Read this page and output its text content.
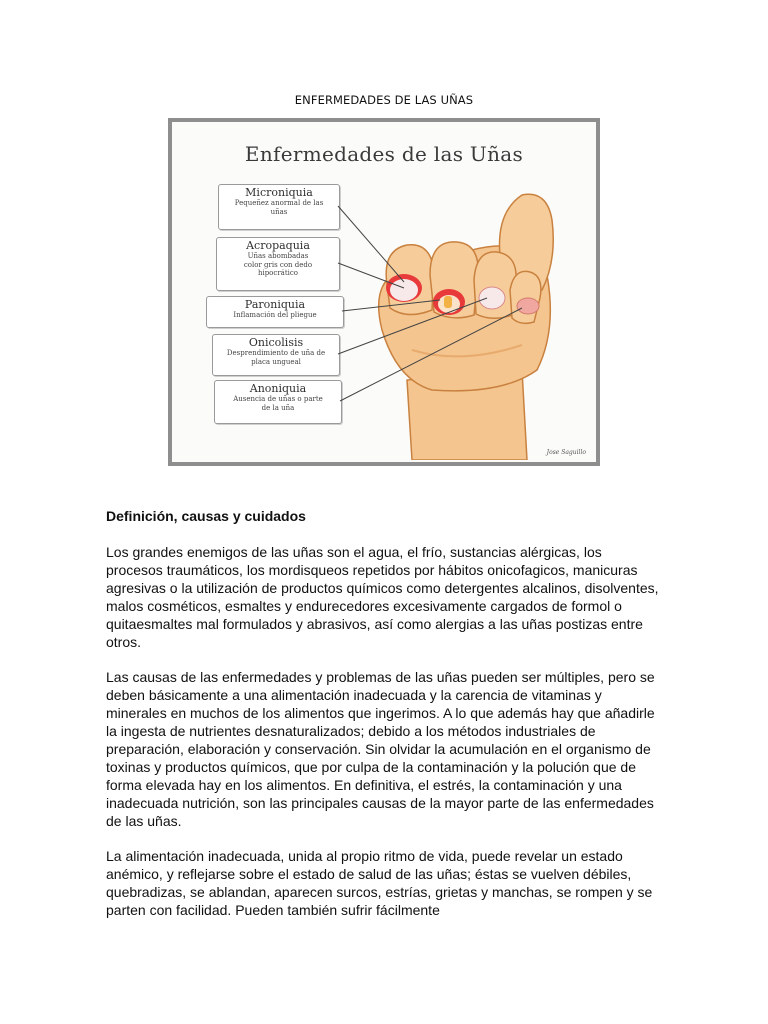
ENFERMEDADES DE LAS UÑAS
Enfermedades de las Uñas
Microniquia
Pequeñez anormal de las uñas
Acropaquia
Uñas abombadas color gris con dedo hipocrático
Paroniquia
Inflamación del pliegue
Onicolisis
Desprendimiento de uña de placa ungueal
Anoniquia
Ausencia de uñas o parte de la uña
Jose Saguillo
Definición, causas y cuidados

Los grandes enemigos de las uñas son el agua, el frío, sustancias alérgicas, los procesos traumáticos, los mordisqueos repetidos por hábitos onicofagicos, manicuras agresivas o la utilización de productos químicos como detergentes alcalinos, disolventes, malos cosméticos, esmaltes y endurecedores excesivamente cargados de formol o quitaesmaltes mal formulados y abrasivos, así como alergias a las uñas postizas entre otros.

Las causas de las enfermedades y problemas de las uñas pueden ser múltiples, pero se deben básicamente a una alimentación inadecuada y la carencia de vitaminas y minerales en muchos de los alimentos que ingerimos. A lo que además hay que añadirle la ingesta de nutrientes desnaturalizados; debido a los métodos industriales de preparación, elaboración y conservación. Sin olvidar la acumulación en el organismo de toxinas y productos químicos, que por culpa de la contaminación y la polución que de forma elevada hay en los alimentos. En definitiva, el estrés, la contaminación y una inadecuada nutrición, son las principales causas de la mayor parte de las enfermedades de las uñas.

La alimentación inadecuada, unida al propio ritmo de vida, puede revelar un estado anémico, y reflejarse sobre el estado de salud de las uñas; éstas se vuelven débiles, quebradizas, se ablandan, aparecen surcos, estrías, grietas y manchas, se rompen y se parten con facilidad. Pueden también sufrir fácilmente
